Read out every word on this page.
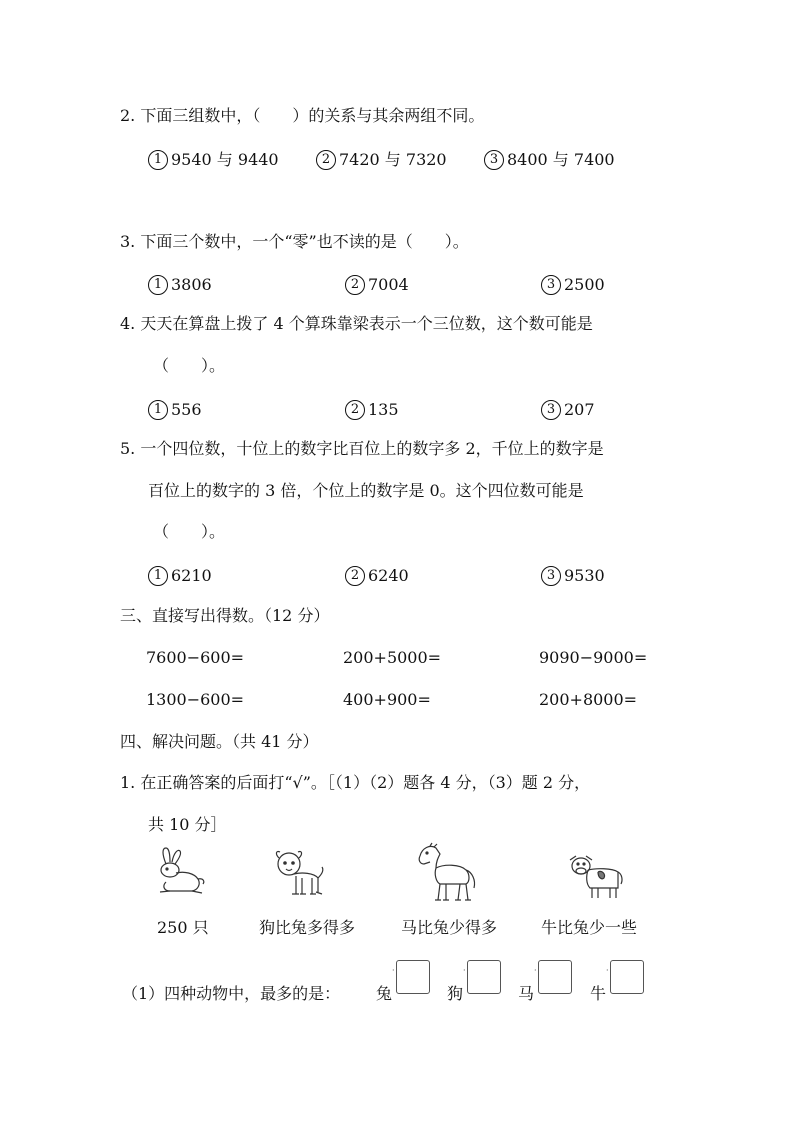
2. 下面三组数中，（　　）的关系与其余两组不同。
1 9540 与 9440	2 7420 与 7320	3 8400 与 7400
3. 下面三个数中，一个“零”也不读的是（　　）。
1 3806	2 7004	3 2500
4. 天天在算盘上拨了 4 个算珠靠梁表示一个三位数，这个数可能是
（　　）。
1 556	2 135	3 207
5. 一个四位数，十位上的数字比百位上的数字多 2，千位上的数字是
百位上的数字的 3 倍，个位上的数字是 0。这个四位数可能是
（　　）。
1 6210	2 6240	3 9530
三、直接写出得数。（12 分）
7600−600=	200+5000=	9090−9000=
1300−600=	400+900=	200+8000=
四、解决问题。（共 41 分）
1. 在正确答案的后面打“√”。［（1）（2）题各 4 分，（3）题 2 分，
共 10 分］
250 只	狗比兔多得多	马比兔少得多	牛比兔少一些
（1）四种动物中，最多的是： 兔
·
狗
·
马
·
牛
·
